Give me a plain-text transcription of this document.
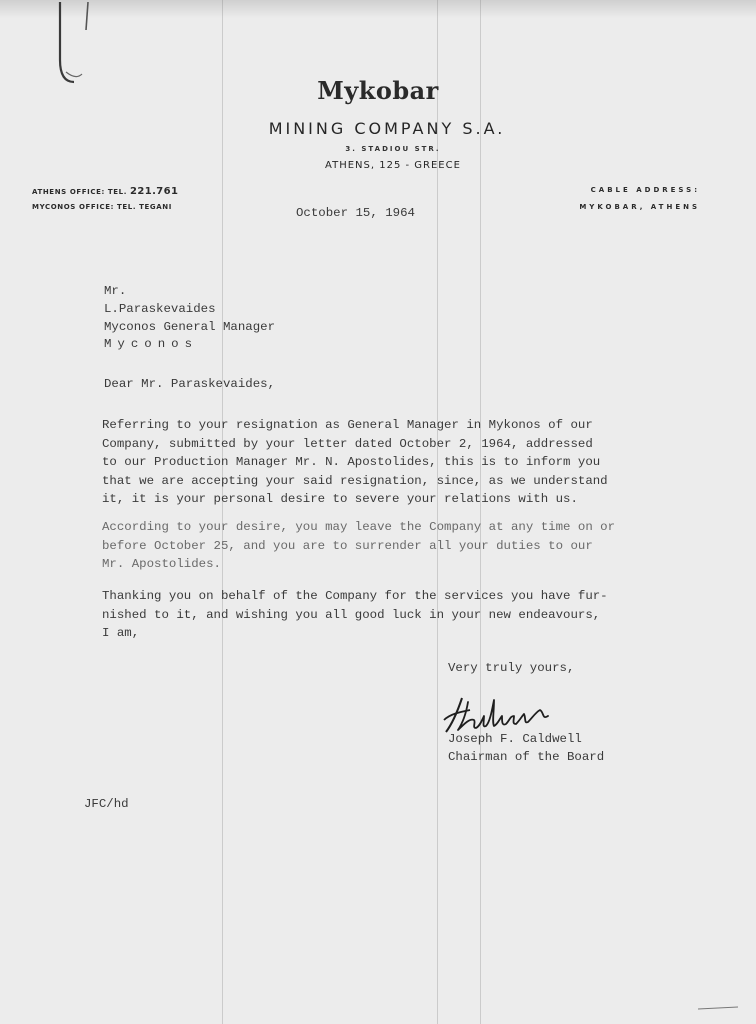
Mykobar
MINING COMPANY S.A.
3. STADIOU STR.
ATHENS, 125 - GREECE
ATHENS OFFICE: TEL. 221.761
MYCONOS OFFICE: TEL. TEGANI
CABLE ADDRESS:
MYKOBAR, ATHENS
October 15, 1964
Mr.
L.Paraskevaides
Myconos General Manager
Myconos
Dear Mr. Paraskevaides,
Referring to your resignation as General Manager in Mykonos of our
Company, submitted by your letter dated October 2, 1964, addressed
to our Production Manager Mr. N. Apostolides, this is to inform you
that we are accepting your said resignation, since, as we understand
it, it is your personal desire to severe your relations with us.
According to your desire, you may leave the Company at any time on or
before October 25, and you are to surrender all your duties to our
Mr. Apostolides.
Thanking you on behalf of the Company for the services you have fur-
nished to it, and wishing you all good luck in your new endeavours,
I am,
Very truly yours,
Joseph F. Caldwell
Chairman of the Board
JFC/hd
